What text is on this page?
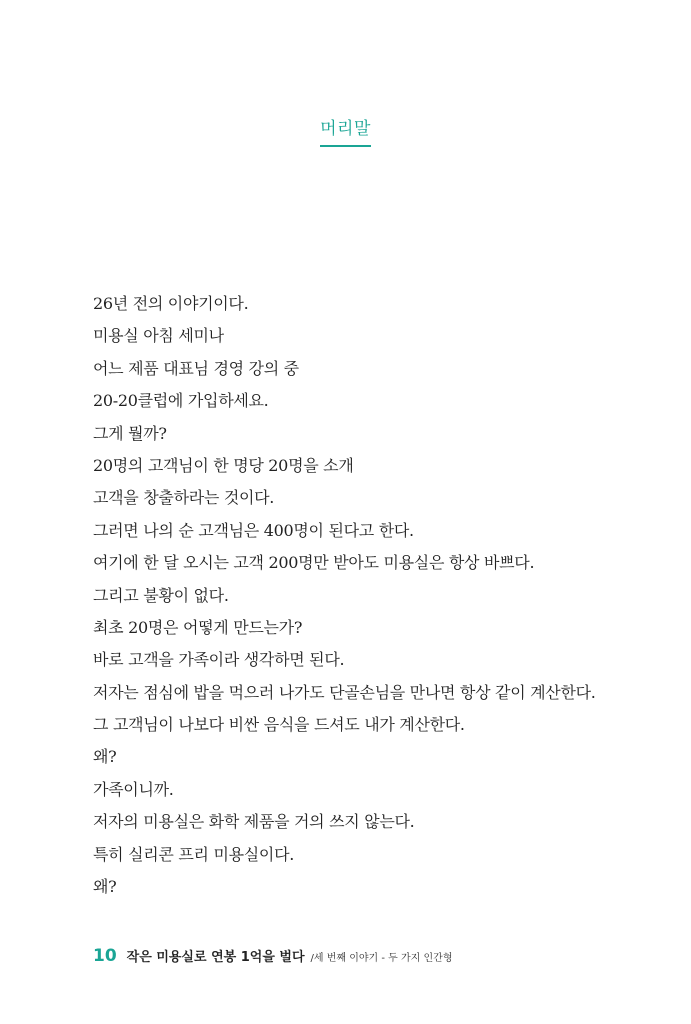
머리말
26년 전의 이야기이다.
미용실 아침 세미나
어느 제품 대표님 경영 강의 중
20-20클럽에 가입하세요.
그게 뭘까?
20명의 고객님이 한 명당 20명을 소개
고객을 창출하라는 것이다.
그러면 나의 순 고객님은 400명이 된다고 한다.
여기에 한 달 오시는 고객 200명만 받아도 미용실은 항상 바쁘다.
그리고 불황이 없다.
최초 20명은 어떻게 만드는가?
바로 고객을 가족이라 생각하면 된다.
저자는 점심에 밥을 먹으러 나가도 단골손님을 만나면 항상 같이 계산한다.
그 고객님이 나보다 비싼 음식을 드셔도 내가 계산한다.
왜?
가족이니까.
저자의 미용실은 화학 제품을 거의 쓰지 않는다.
특히 실리콘 프리 미용실이다.
왜?
10 작은 미용실로 연봉 1억을 벌다 /세 번째 이야기 - 두 가지 인간형
